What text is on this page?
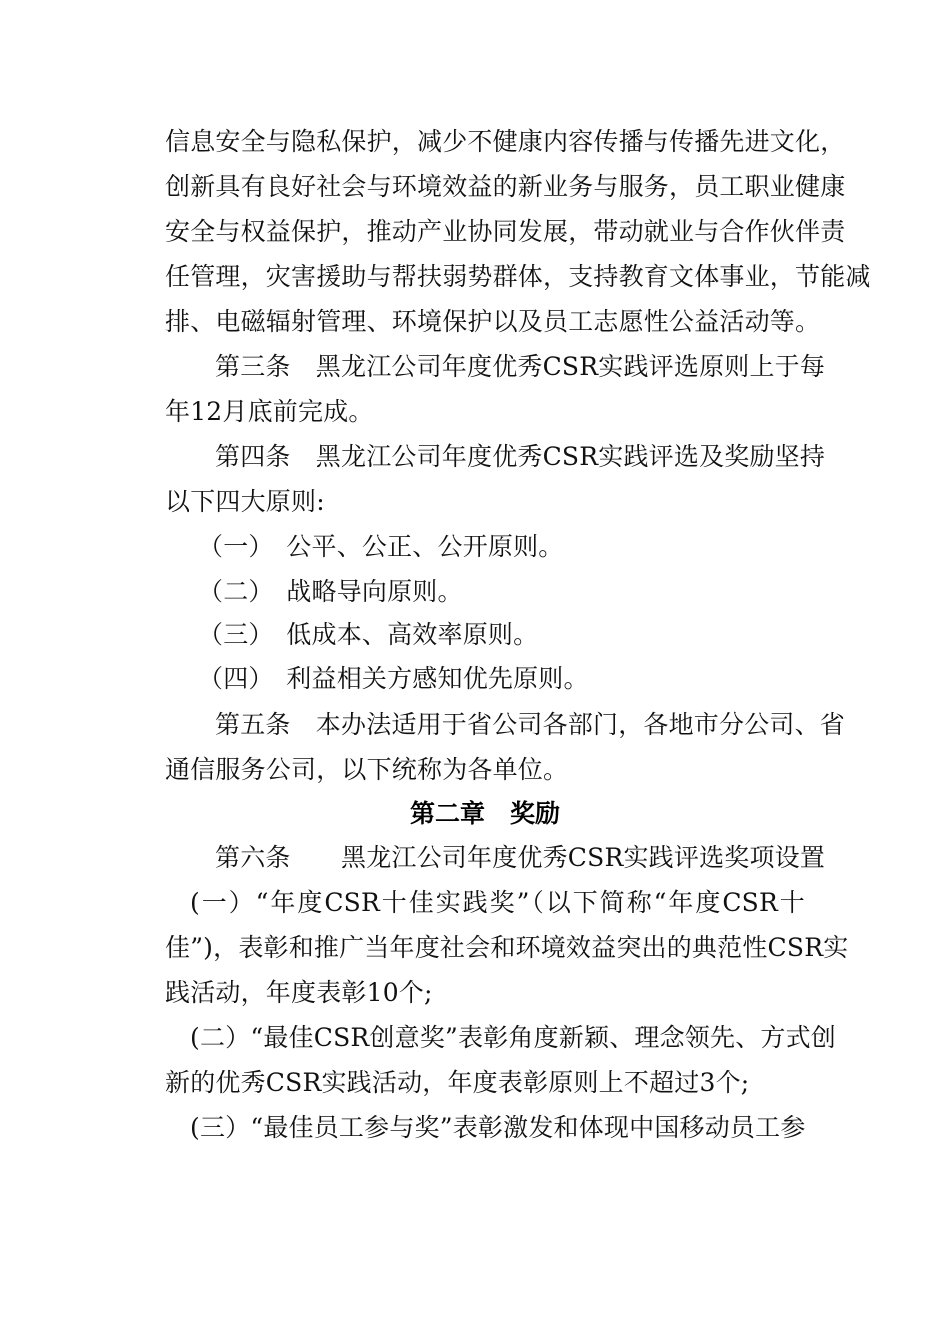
信息安全与隐私保护，减少不健康内容传播与传播先进文化，
创新具有良好社会与环境效益的新业务与服务，员工职业健康
安全与权益保护，推动产业协同发展，带动就业与合作伙伴责
任管理，灾害援助与帮扶弱势群体，支持教育文体事业，节能减
排、电磁辐射管理、环境保护以及员工志愿性公益活动等。
第三条　黑龙江公司年度优秀CSR实践评选原则上于每
年12月底前完成。
第四条　黑龙江公司年度优秀CSR实践评选及奖励坚持
以下四大原则:
（一）　公平、公正、公开原则。
（二）　战略导向原则。
（三）　低成本、高效率原则。
（四）　利益相关方感知优先原则。
第五条　本办法适用于省公司各部门，各地市分公司、省
通信服务公司，以下统称为各单位。
第二章　奖励
第六条　　黑龙江公司年度优秀CSR实践评选奖项设置
(一）“年度CSR十佳实践奖”（以下简称“年度CSR十
佳”)，表彰和推广当年度社会和环境效益突出的典范性CSR实
践活动，年度表彰10个;
(二）“最佳CSR创意奖”表彰角度新颖、理念领先、方式创
新的优秀CSR实践活动，年度表彰原则上不超过3个;
(三）“最佳员工参与奖”表彰激发和体现中国移动员工参
